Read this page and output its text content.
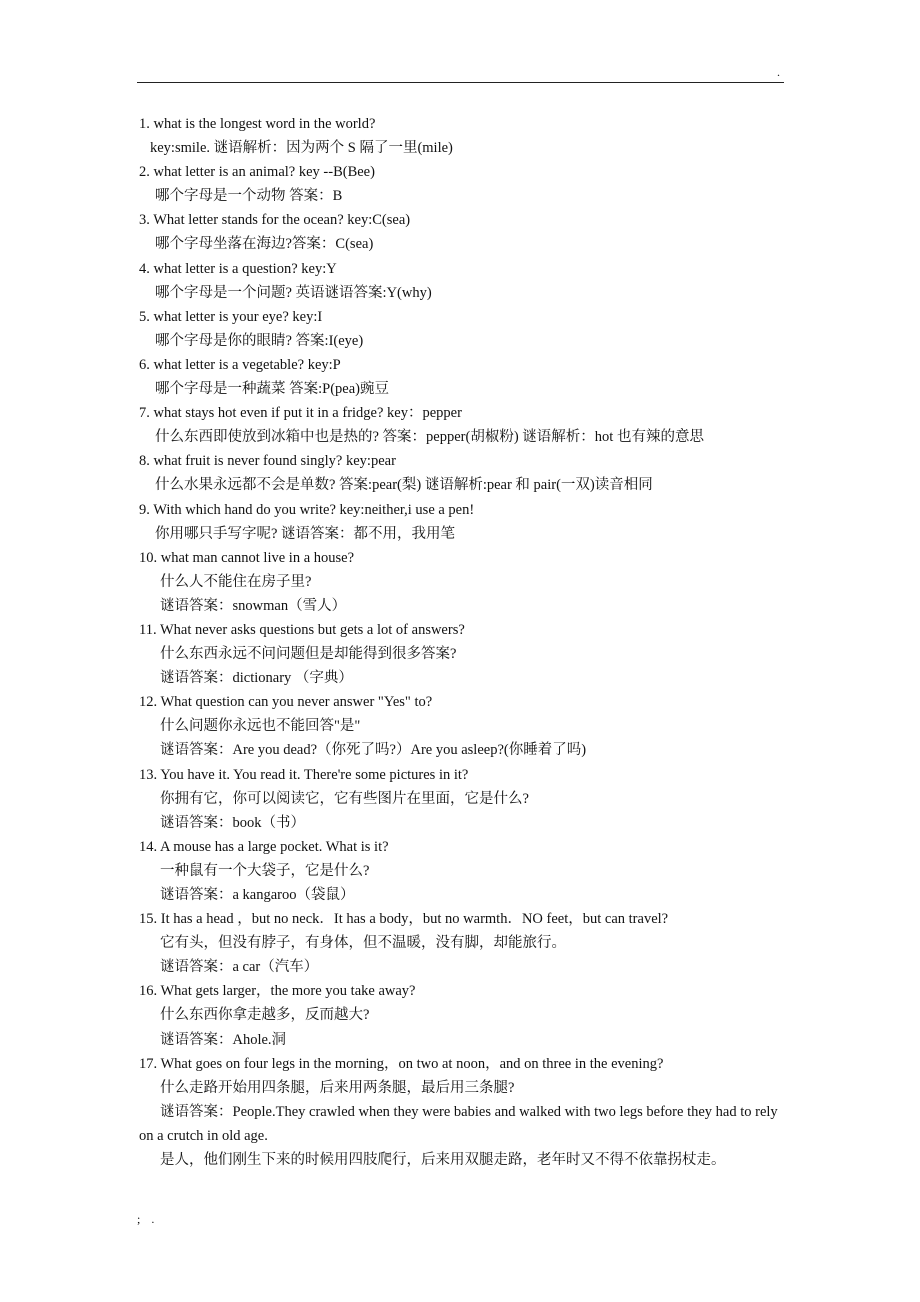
.
1. what is the longest word in the world?
key:smile. 谜语解析：因为两个 S 隔了一里(mile)
2. what letter is an animal? key --B(Bee)
哪个字母是一个动物 答案：B
3. What letter stands for the ocean? key:C(sea)
哪个字母坐落在海边?答案：C(sea)
4. what letter is a question? key:Y
哪个字母是一个问题? 英语谜语答案:Y(why)
5. what letter is your eye? key:I
哪个字母是你的眼睛? 答案:I(eye)
6. what letter is a vegetable? key:P
哪个字母是一种蔬菜 答案:P(pea)豌豆
7. what stays hot even if put it in a fridge? key：pepper
什么东西即使放到冰箱中也是热的? 答案：pepper(胡椒粉) 谜语解析：hot 也有辣的意思
8. what fruit is never found singly? key:pear
什么水果永远都不会是单数? 答案:pear(梨) 谜语解析:pear 和 pair(一双)读音相同
9. With which hand do you write? key:neither,i use a pen!
你用哪只手写字呢? 谜语答案：都不用，我用笔
10. what man cannot live in a house?
什么人不能住在房子里?
谜语答案：snowman（雪人）
11. What never asks questions but gets a lot of answers?
什么东西永远不问问题但是却能得到很多答案?
谜语答案：dictionary （字典）
12. What question can you never answer "Yes" to?
什么问题你永远也不能回答"是"
谜语答案：Are you dead?（你死了吗?）Are you asleep?(你睡着了吗)
13. You have it. You read it. There're some pictures in it?
你拥有它，你可以阅读它，它有些图片在里面，它是什么?
谜语答案：book（书）
14. A mouse has a large pocket. What is it?
一种鼠有一个大袋子，它是什么?
谜语答案：a kangaroo（袋鼠）
15. It has a head ，but no neck．It has a body，but no warmth．NO feet，but can travel?
它有头，但没有脖子，有身体，但不温暖，没有脚，却能旅行。
谜语答案：a car（汽车）
16. What gets larger，the more you take away?
什么东西你拿走越多，反而越大?
谜语答案：Ahole.洞
17. What goes on four legs in the morning，on two at noon，and on three in the evening?
什么走路开始用四条腿，后来用两条腿，最后用三条腿?
谜语答案：People.They crawled when they were babies and walked with two legs before they had to rely on a crutch in old age.
是人，他们刚生下来的时候用四肢爬行，后来用双腿走路，老年时又不得不依靠拐杖走。
; .
